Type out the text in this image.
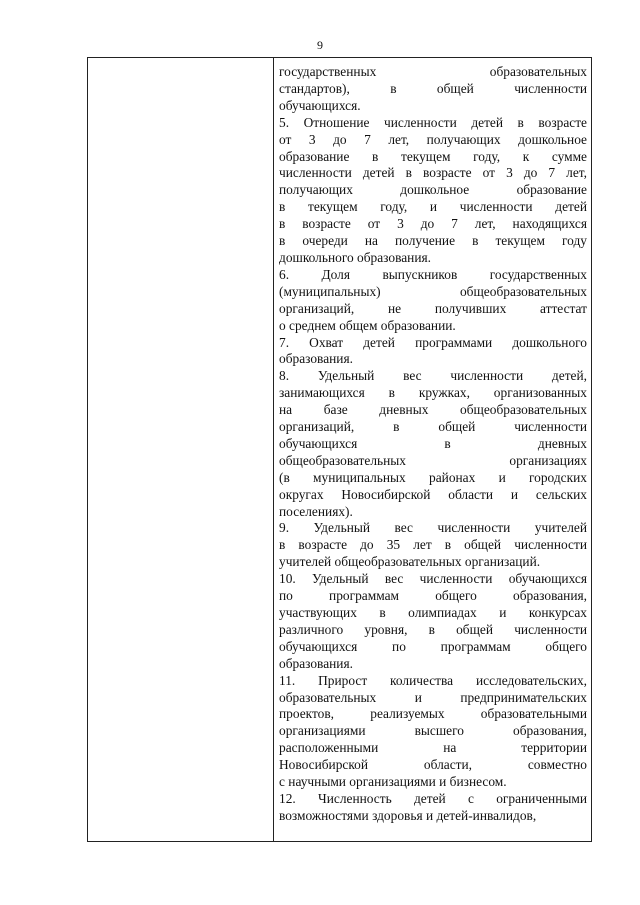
9

государственных образовательных
стандартов), в общей численности
обучающихся.
5. Отношение численности детей в возрасте
от 3 до 7 лет, получающих дошкольное
образование в текущем году, к сумме
численности детей в возрасте от 3 до 7 лет,
получающих дошкольное образование
в текущем году, и численности детей
в возрасте от 3 до 7 лет, находящихся
в очереди на получение в текущем году
дошкольного образования.
6. Доля выпускников государственных
(муниципальных) общеобразовательных
организаций, не получивших аттестат
о среднем общем образовании.
7. Охват детей программами дошкольного
образования.
8. Удельный вес численности детей,
занимающихся в кружках, организованных
на базе дневных общеобразовательных
организаций, в общей численности
обучающихся в дневных
общеобразовательных организациях
(в муниципальных районах и городских
округах Новосибирской области и сельских
поселениях).
9. Удельный вес численности учителей
в возрасте до 35 лет в общей численности
учителей общеобразовательных организаций.
10. Удельный вес численности обучающихся
по программам общего образования,
участвующих в олимпиадах и конкурсах
различного уровня, в общей численности
обучающихся по программам общего
образования.
11. Прирост количества исследовательских,
образовательных и предпринимательских
проектов, реализуемых образовательными
организациями высшего образования,
расположенными на территории
Новосибирской области, совместно
с научными организациями и бизнесом.
12. Численность детей с ограниченными
возможностями здоровья и детей-инвалидов,
